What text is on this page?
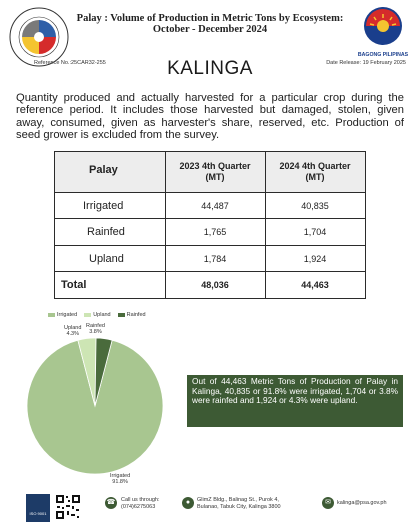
Palay : Volume of Production in Metric Tons by Ecosystem:
October - December 2024
BAGONG PILIPINAS
Reference No.:25CAR32-255	KALINGA	Date Release: 19 February 2025
Quantity produced and actually harvested for a particular crop during the reference period. It includes those harvested but damaged, stolen, given away, consumed, given as harvester's share, reserved, etc. Production of seed grower is excluded from the survey.
Palay	2023 4th Quarter
(MT)
2024 4th Quarter
(MT)
Irrigated	44,487	40,835
Rainfed	1,765	1,704
Upland	1,784	1,924
Total	48,036	44,463
Irrigated	Upland	Rainfed
Upland
4.3%
Rainfed
3.8%
Irrigated
91.8%
Out of 44,463 Metric Tons of Production of Palay in Kalinga, 40,835 or 91.8% were irrigated, 1,704 or 3.8% were rainfed and 1,924 or 4.3% were upland.
ISO 9001
☎ Call us through:
(074)6275063
●	GlimZ Bldg., Balinag St., Purok 4,
Bulanao, Tabuk City, Kalinga 3800
✉	kalinga@psa.gov.ph
